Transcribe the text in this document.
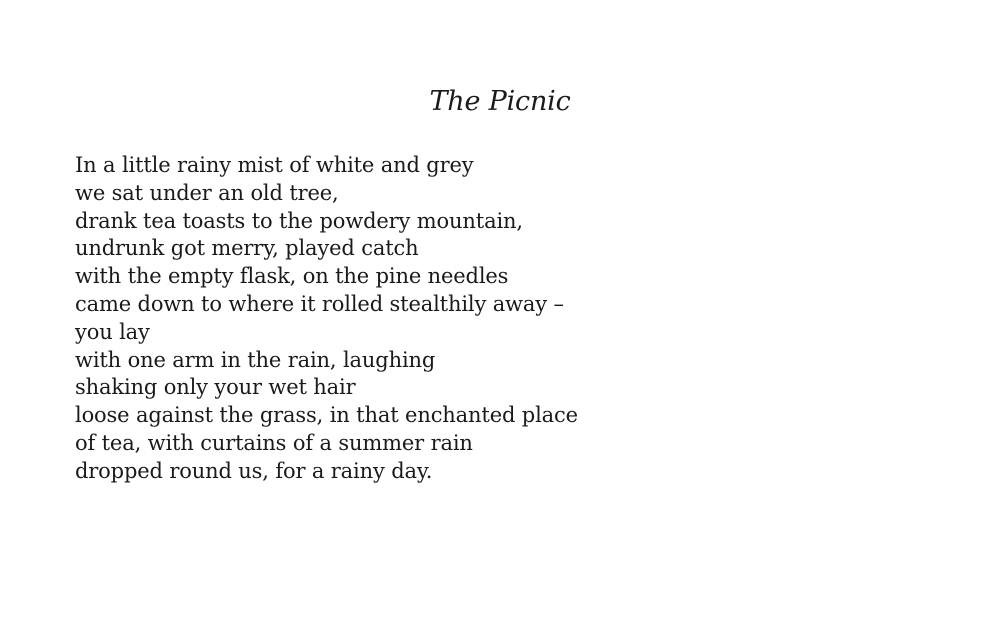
The Picnic
In a little rainy mist of white and grey
we sat under an old tree,
drank tea toasts to the powdery mountain,
undrunk got merry, played catch
with the empty flask, on the pine needles
came down to where it rolled stealthily away –
you lay
with one arm in the rain, laughing
shaking only your wet hair
loose against the grass, in that enchanted place
of tea, with curtains of a summer rain
dropped round us, for a rainy day.
